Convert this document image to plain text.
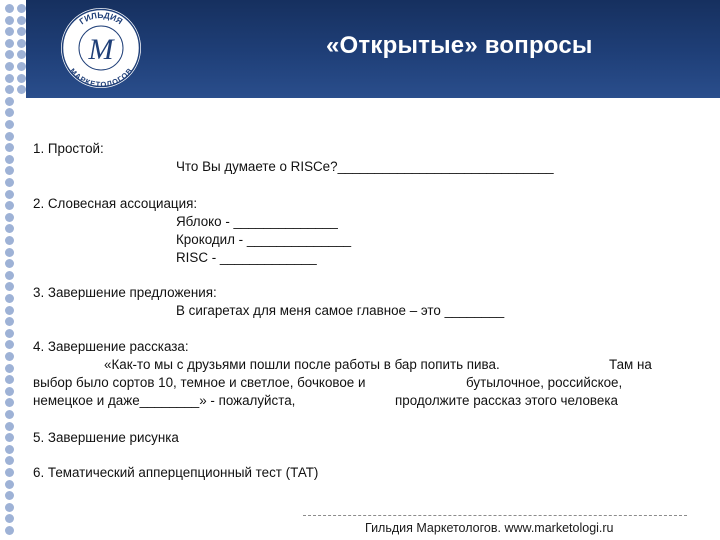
ГИЛЬДИЯ
МАРКЕТОЛОГОВ
М	«Открытые» вопросы
1. Простой:
Что Вы думаете о RISCе?_____________________________
2. Словесная ассоциация:
Яблоко - ______________
Крокодил - ______________
RISC - _____________
3. Завершение предложения:
В сигаретах для меня самое главное – это ________
4. Завершение рассказа:
«Как-то мы с друзьями пошли после работы в бар попить пива.	Там на
выбор было сортов 10, темное и светлое, бочковое и	бутылочное, российское,
немецкое и даже________» - пожалуйста,	продолжите рассказ этого человека
5. Завершение рисунка
6. Тематический апперцепционный тест (ТАТ)
Гильдия Маркетологов. www.marketologi.ru
